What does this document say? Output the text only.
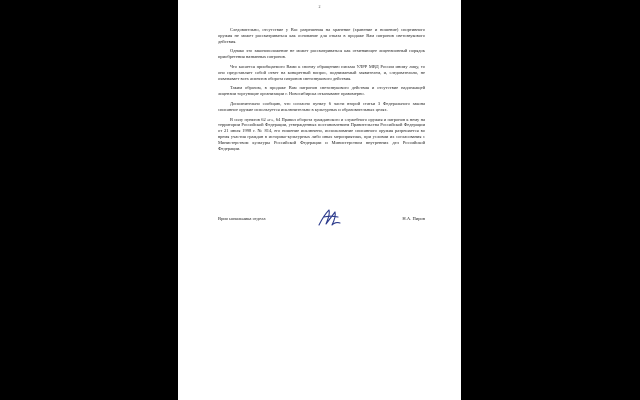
2

Следовательно, отсутствие у Вас разрешения на хранение (хранение и ношение) спортивного оружия не может рассматриваться как основание для отказа в продаже Вам патронов светозвукового действия.

Однако это законоположение не может рассматриваться как отменяющее лицензионный порядок приобретения названных патронов.

Что касается приобщаемого Вами к своему обращению письма УЛРР МВД России иному лицу, то оно представляет собой ответ на конкретный вопрос, поднимаемый заявителем, и, следовательно, не охватывает всех аспектов оборота патронов светозвукового действия.

Таким образом, в продаже Вам патронов светозвукового действия и отсутствие надлежащей лицензии торгующие организации г. Новосибирска отказывают правомерно.

Дополнительно сообщаю, что согласно пункту 6 части второй статьи 3 Федерального закона списанное оружие используется исключительно в культурных и образовательных целях.

В силу пунктов 62 «г», 64 Правил оборота гражданского и служебного оружия и патронов к нему на территории Российской Федерации, утвержденных постановлением Правительства Российской Федерации от 21 июля 1998 г. № 814, его ношение исключено, использование списанного оружия разрешается во время участия граждан в историко-культурных либо иных мероприятиях, при условии их согласования с Министерством культуры Российской Федерации и Министерством внутренних дел Российской Федерации.

Врио начальника отдела	Н.А. Пиров
